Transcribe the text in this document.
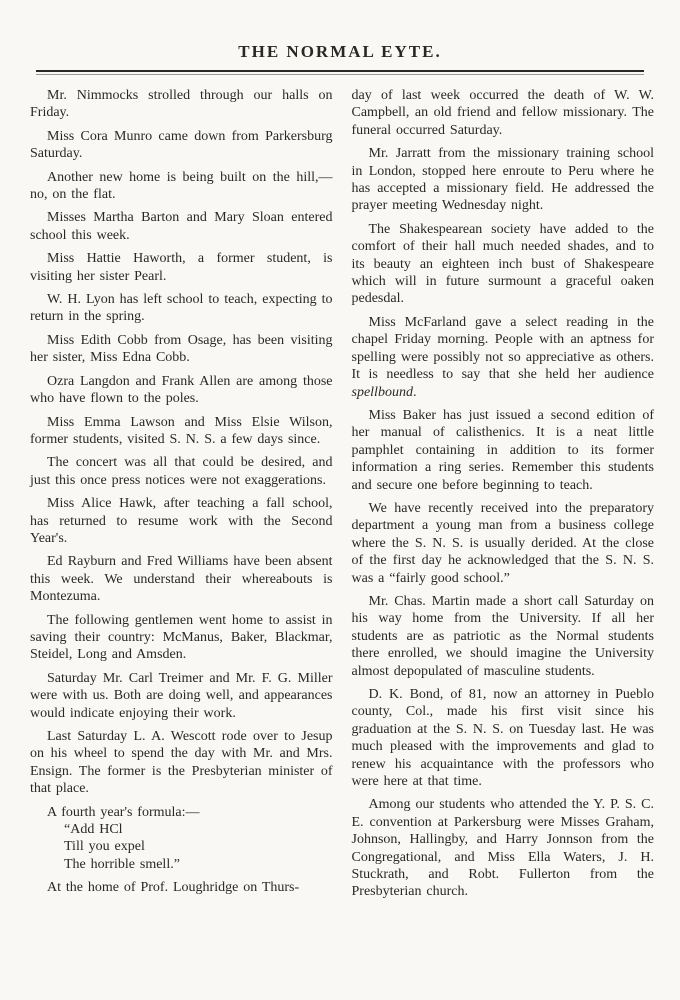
THE NORMAL EYTE.

Mr. Nimmocks strolled through our halls on Friday.

Miss Cora Munro came down from Parkersburg Saturday.

Another new home is being built on the hill,—no, on the flat.

Misses Martha Barton and Mary Sloan entered school this week.

Miss Hattie Haworth, a former student, is visiting her sister Pearl.

W. H. Lyon has left school to teach, expecting to return in the spring.

Miss Edith Cobb from Osage, has been visiting her sister, Miss Edna Cobb.

Ozra Langdon and Frank Allen are among those who have flown to the poles.

Miss Emma Lawson and Miss Elsie Wilson, former students, visited S. N. S. a few days since.

The concert was all that could be desired, and just this once press notices were not exaggerations.

Miss Alice Hawk, after teaching a fall school, has returned to resume work with the Second Year's.

Ed Rayburn and Fred Williams have been absent this week. We understand their whereabouts is Montezuma.

The following gentlemen went home to assist in saving their country: McManus, Baker, Blackmar, Steidel, Long and Amsden.

Saturday Mr. Carl Treimer and Mr. F. G. Miller were with us. Both are doing well, and appearances would indicate enjoying their work.

Last Saturday L. A. Wescott rode over to Jesup on his wheel to spend the day with Mr. and Mrs. Ensign. The former is the Presbyterian minister of that place.

A fourth year's formula:—
“Add HCl
Till you expel
The horrible smell.”

At the home of Prof. Loughridge on Thurs-

day of last week occurred the death of W. W. Campbell, an old friend and fellow missionary. The funeral occurred Saturday.

Mr. Jarratt from the missionary training school in London, stopped here enroute to Peru where he has accepted a missionary field. He addressed the prayer meeting Wednesday night.

The Shakespearean society have added to the comfort of their hall much needed shades, and to its beauty an eighteen inch bust of Shakespeare which will in future surmount a graceful oaken pedesdal.

Miss McFarland gave a select reading in the chapel Friday morning. People with an aptness for spelling were possibly not so appreciative as others. It is needless to say that she held her audience spellbound.

Miss Baker has just issued a second edition of her manual of calisthenics. It is a neat little pamphlet containing in addition to its former information a ring series. Remember this students and secure one before beginning to teach.

We have recently received into the preparatory department a young man from a business college where the S. N. S. is usually derided. At the close of the first day he acknowledged that the S. N. S. was a “fairly good school.”

Mr. Chas. Martin made a short call Saturday on his way home from the University. If all her students are as patriotic as the Normal students there enrolled, we should imagine the University almost depopulated of masculine students.

D. K. Bond, of 81, now an attorney in Pueblo county, Col., made his first visit since his graduation at the S. N. S. on Tuesday last. He was much pleased with the improvements and glad to renew his acquaintance with the professors who were here at that time.

Among our students who attended the Y. P. S. C. E. convention at Parkersburg were Misses Graham, Johnson, Hallingby, and Harry Jonnson from the Congregational, and Miss Ella Waters, J. H. Stuckrath, and Robt. Fullerton from the Presbyterian church.
